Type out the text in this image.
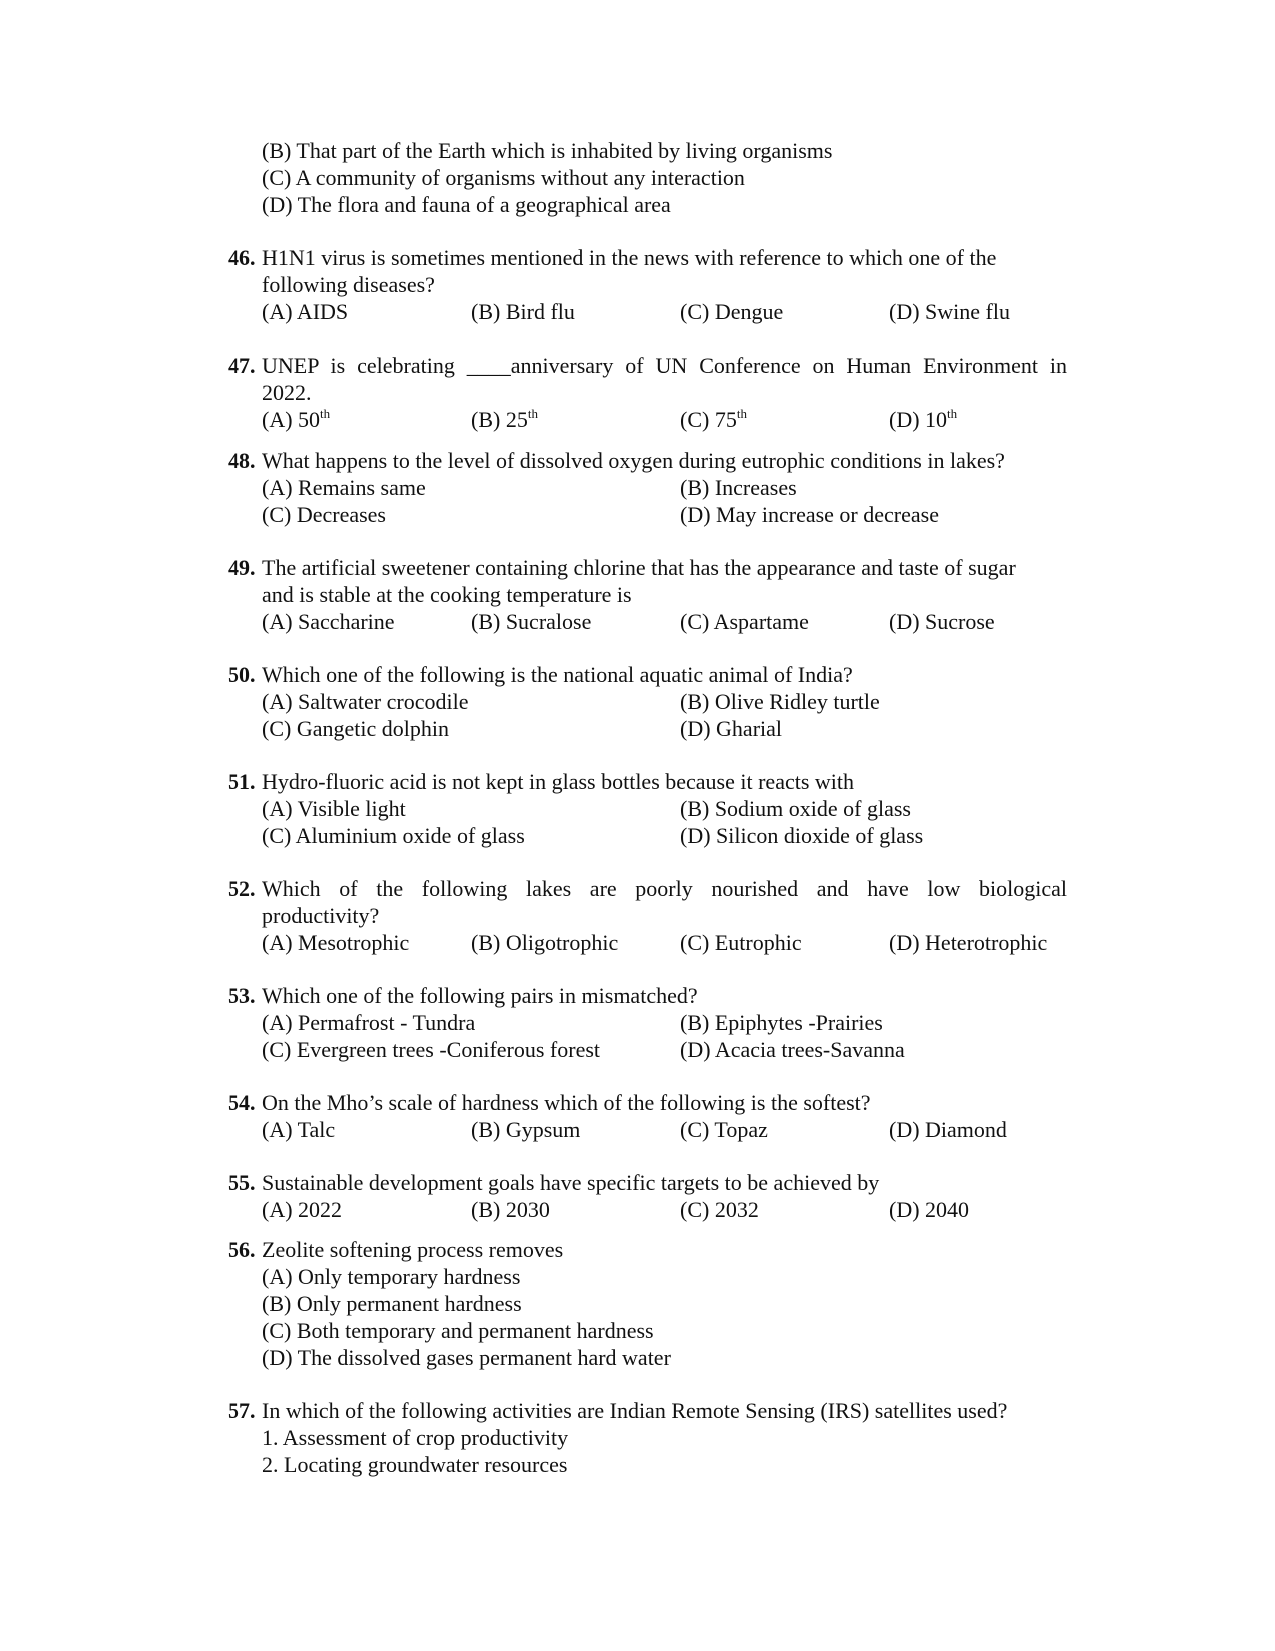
(B) That part of the Earth which is inhabited by living organisms
(C) A community of organisms without any interaction
(D) The flora and fauna of a geographical area
46. H1N1 virus is sometimes mentioned in the news with reference to which one of the
following diseases?
(A) AIDS	(B) Bird flu	(C) Dengue	(D) Swine flu
47. UNEP is celebrating ____anniversary of UN Conference on Human Environment in
2022.
(A) 50th	(B) 25th	(C) 75th	(D) 10th
48. What happens to the level of dissolved oxygen during eutrophic conditions in lakes?
(A) Remains same	(B) Increases
(C) Decreases	(D) May increase or decrease
49. The artificial sweetener containing chlorine that has the appearance and taste of sugar
and is stable at the cooking temperature is
(A) Saccharine	(B) Sucralose	(C) Aspartame	(D) Sucrose
50. Which one of the following is the national aquatic animal of India?
(A) Saltwater crocodile	(B) Olive Ridley turtle
(C) Gangetic dolphin	(D) Gharial
51. Hydro-fluoric acid is not kept in glass bottles because it reacts with
(A) Visible light	(B) Sodium oxide of glass
(C) Aluminium oxide of glass	(D) Silicon dioxide of glass
52. Which of the following lakes are poorly nourished and have low biological
productivity?
(A) Mesotrophic	(B) Oligotrophic	(C) Eutrophic	(D) Heterotrophic
53. Which one of the following pairs in mismatched?
(A) Permafrost - Tundra	(B) Epiphytes -Prairies
(C) Evergreen trees -Coniferous forest	(D) Acacia trees-Savanna
54. On the Mho’s scale of hardness which of the following is the softest?
(A) Talc	(B) Gypsum	(C) Topaz	(D) Diamond
55. Sustainable development goals have specific targets to be achieved by
(A) 2022	(B) 2030	(C) 2032	(D) 2040
56. Zeolite softening process removes
(A) Only temporary hardness
(B) Only permanent hardness
(C) Both temporary and permanent hardness
(D) The dissolved gases permanent hard water
57. In which of the following activities are Indian Remote Sensing (IRS) satellites used?
1. Assessment of crop productivity
2. Locating groundwater resources
